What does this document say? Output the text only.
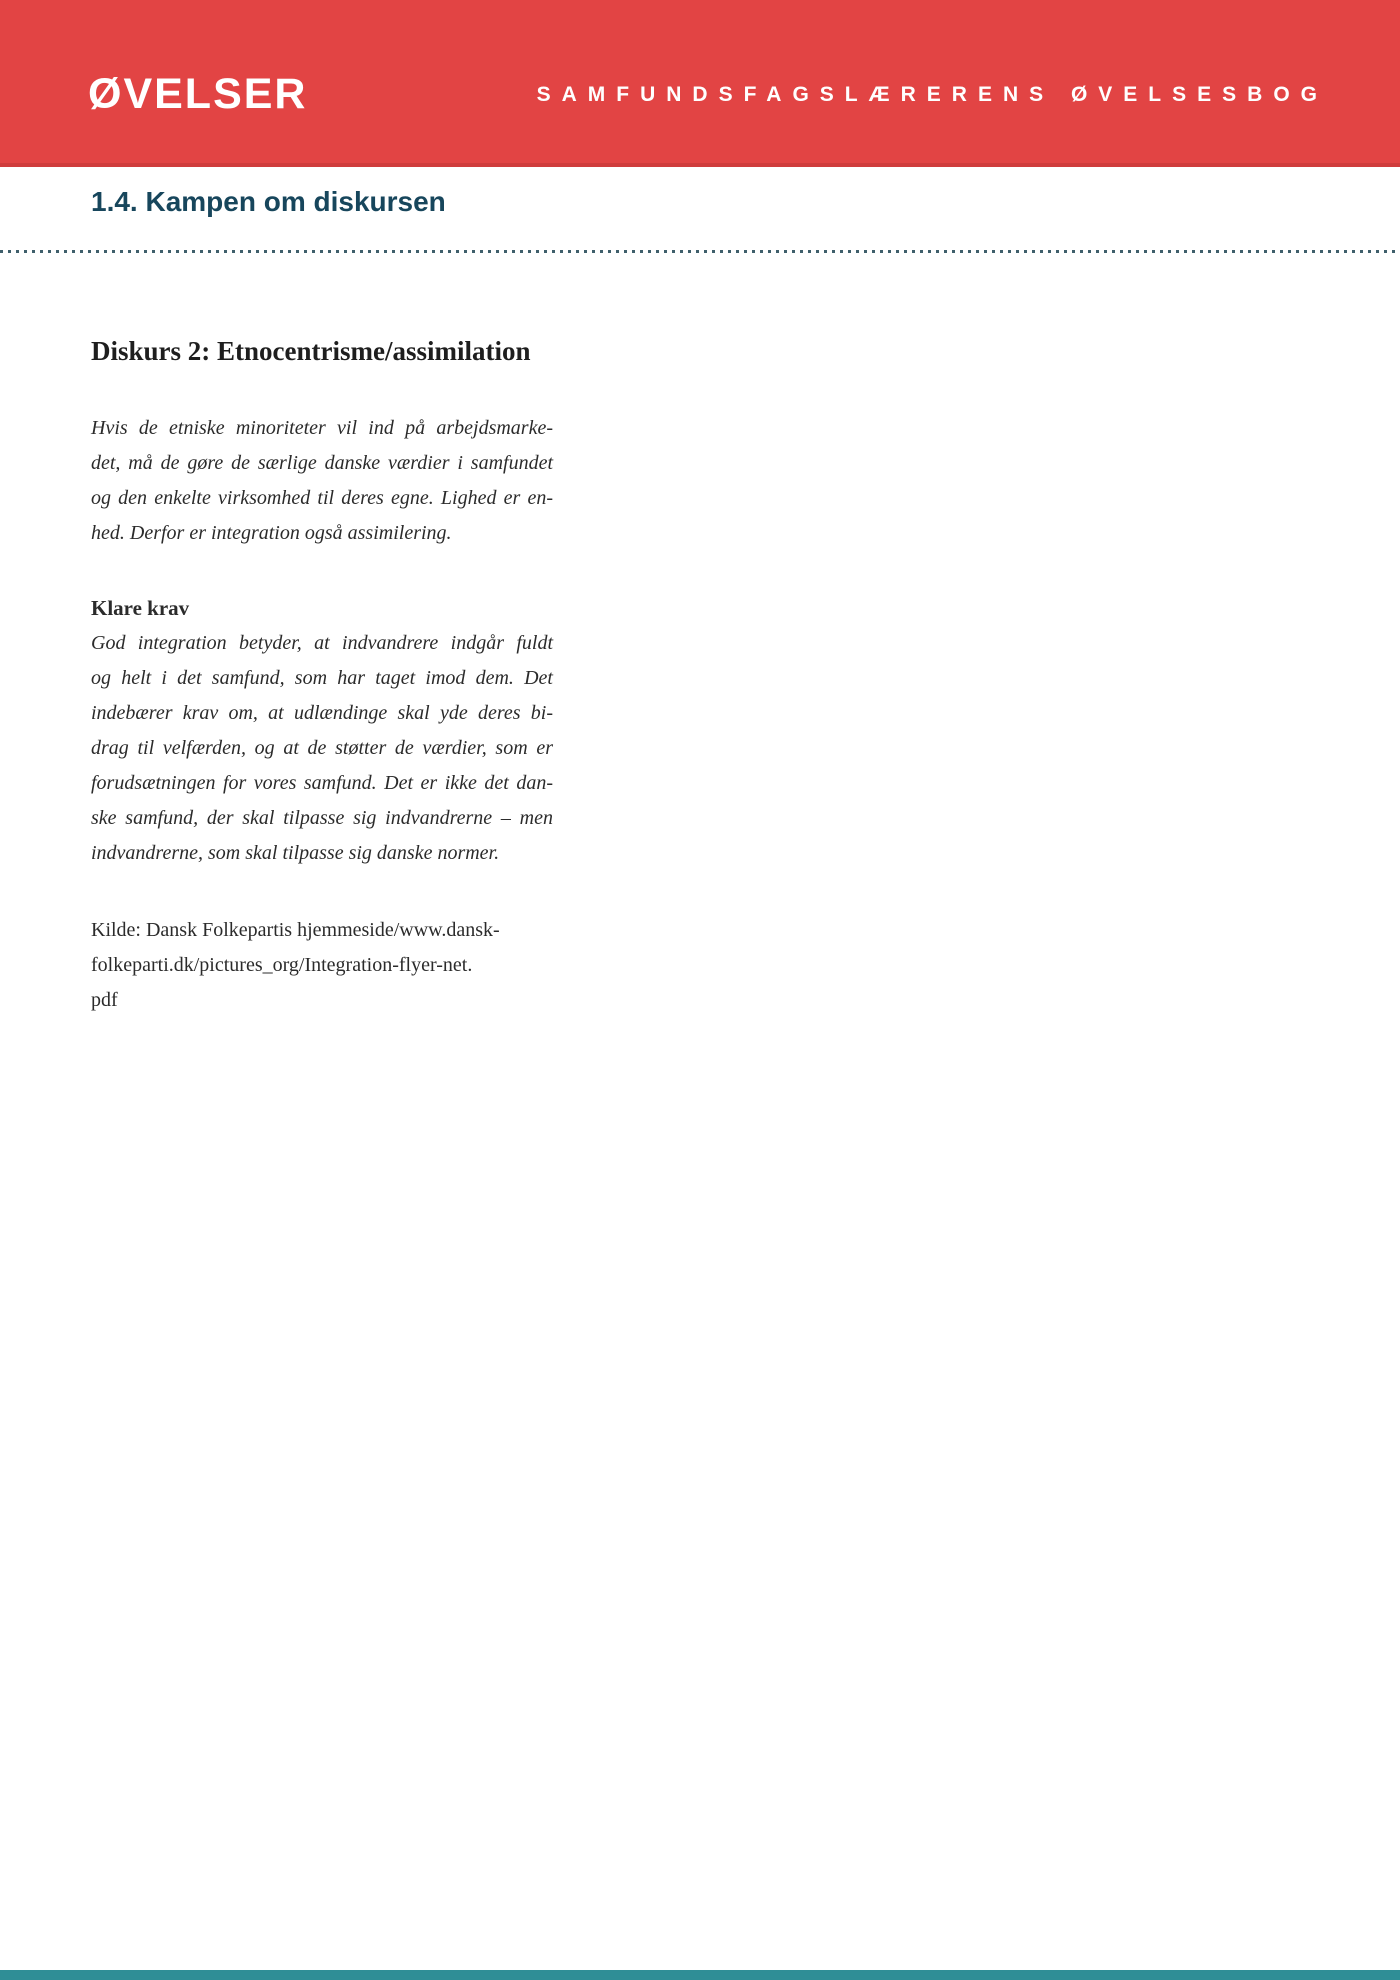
ØVELSER	SAMFUNDSFAGSLÆRERENS ØVELSESBOG
1.4. Kampen om diskursen
Diskurs 2: Etnocentrisme/assimilation
Hvis de etniske minoriteter vil ind på arbejdsmarke-
det, må de gøre de særlige danske værdier i samfundet
og den enkelte virksomhed til deres egne. Lighed er en-
hed. Derfor er integration også assimilering.
Klare krav
God integration betyder, at indvandrere indgår fuldt
og helt i det samfund, som har taget imod dem. Det
indebærer krav om, at udlændinge skal yde deres bi-
drag til velfærden, og at de støtter de værdier, som er
forudsætningen for vores samfund. Det er ikke det dan-
ske samfund, der skal tilpasse sig indvandrerne – men
indvandrerne, som skal tilpasse sig danske normer.
Kilde: Dansk Folkepartis hjemmeside/www.dansk-
folkeparti.dk/pictures_org/Integration-flyer-net.
pdf
